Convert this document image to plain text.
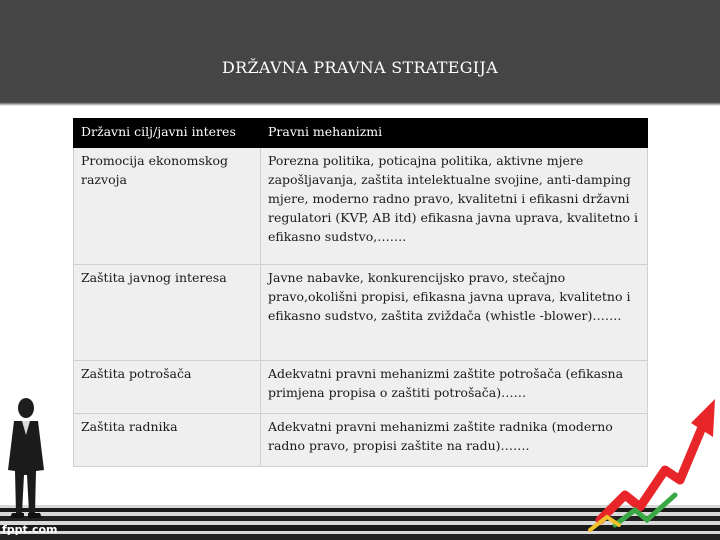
DRŽAVNA PRAVNA STRATEGIJA
Državni cilj/javni interes	Pravni mehanizmi
Promocija ekonomskog razvoja	Porezna politika, poticajna politika, aktivne mjere zapošljavanja, zaštita intelektualne svojine, anti-damping mjere, moderno radno pravo, kvalitetni i efikasni državni regulatori (KVP, AB itd) efikasna javna uprava, kvalitetno i efikasno sudstvo,…….
Zaštita javnog interesa	Javne nabavke, konkurencijsko pravo, stečajno pravo,okolišni propisi, efikasna javna uprava, kvalitetno i efikasno sudstvo, zaštita zviždača (whistle -blower)…….
Zaštita potrošača	Adekvatni pravni mehanizmi zaštite potrošača (efikasna primjena propisa o zaštiti potrošača)……
Zaštita radnika	Adekvatni pravni mehanizmi zaštite radnika (moderno radno pravo, propisi zaštite na radu)…….
fppt.com
